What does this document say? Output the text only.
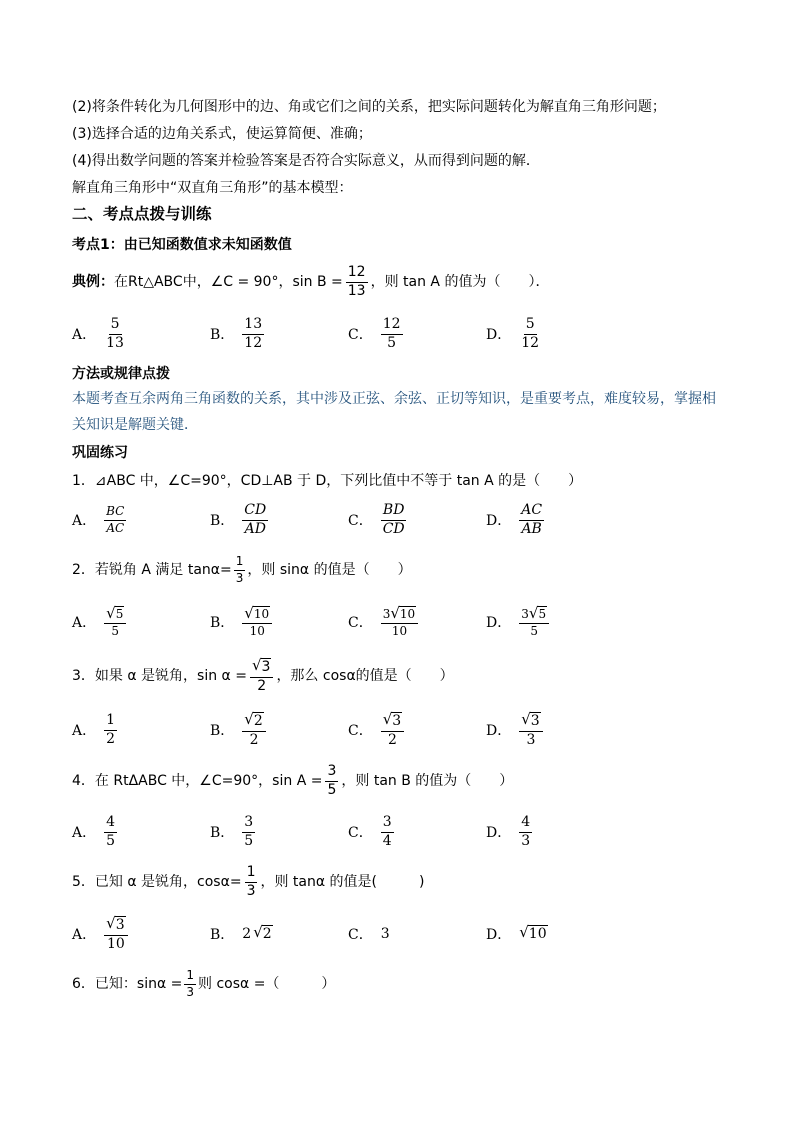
(2)将条件转化为几何图形中的边、角或它们之间的关系，把实际问题转化为解直角三角形问题；
(3)选择合适的边角关系式，使运算简便、准确；
(4)得出数学问题的答案并检验答案是否符合实际意义，从而得到问题的解．
解直角三角形中“双直角三角形”的基本模型：
二、考点点拨与训练
考点1：由已知函数值求未知函数值
典例： 在Rt△ABC中，∠C = 90°，$\sin B = \frac{12}{13}$ ，则 tan A 的值为（　　）．
A． $\frac{5}{13}$	B． $\frac{13}{12}$	C． $\frac{12}{5}$	D． $\frac{5}{12}$
方法或规律点拨
本题考查互余两角三角函数的关系，其中涉及正弦、余弦、正切等知识，是重要考点，难度较易，掌握相
关知识是解题关键．
巩固练习
1．⊿ABC 中，∠C=90°，CD⊥AB 于 D，下列比值中不等于 tan A 的是（　　）
A． $\frac{BC}{AC}$	B． $\frac{CD}{AD}$	C． $\frac{BD}{CD}$	D． $\frac{AC}{AB}$
2．若锐角 A 满足 $\tan\alpha= \frac{1}{3}$ ，则 sinα 的值是（　　）
A． $\frac{√ 5}{5}$	B． $\frac{√ 10}{10}$	C． $\frac{3 √ 10}{10}$	D． $\frac{3 √ 5}{5}$
3．如果 α 是锐角，$\sin \alpha = \frac{√ 3}{2}$ ，那么 cosα的值是（　　）
A． $\frac{1}{2}$	B． $\frac{√ 2}{2}$	C． $\frac{√ 3}{2}$	D． $\frac{√ 3}{3}$
4．在 RtΔABC 中，∠C=90°，$\sin A = \frac{3}{5}$ ，则 tan B 的值为（　　）
A． $\frac{4}{5}$	B． $\frac{3}{5}$	C． $\frac{3}{4}$	D． $\frac{4}{3}$
5．已知 α 是锐角，$\cos\alpha= \frac{1}{3}$ ，则 tanα 的值是(　　　)
A． $\frac{√ 3}{10}$	B． 2 √ 2	C． 3	D． √ 10
6．已知：$\sin\alpha = \frac{1}{3}$ 则 cosα =（　　　）
